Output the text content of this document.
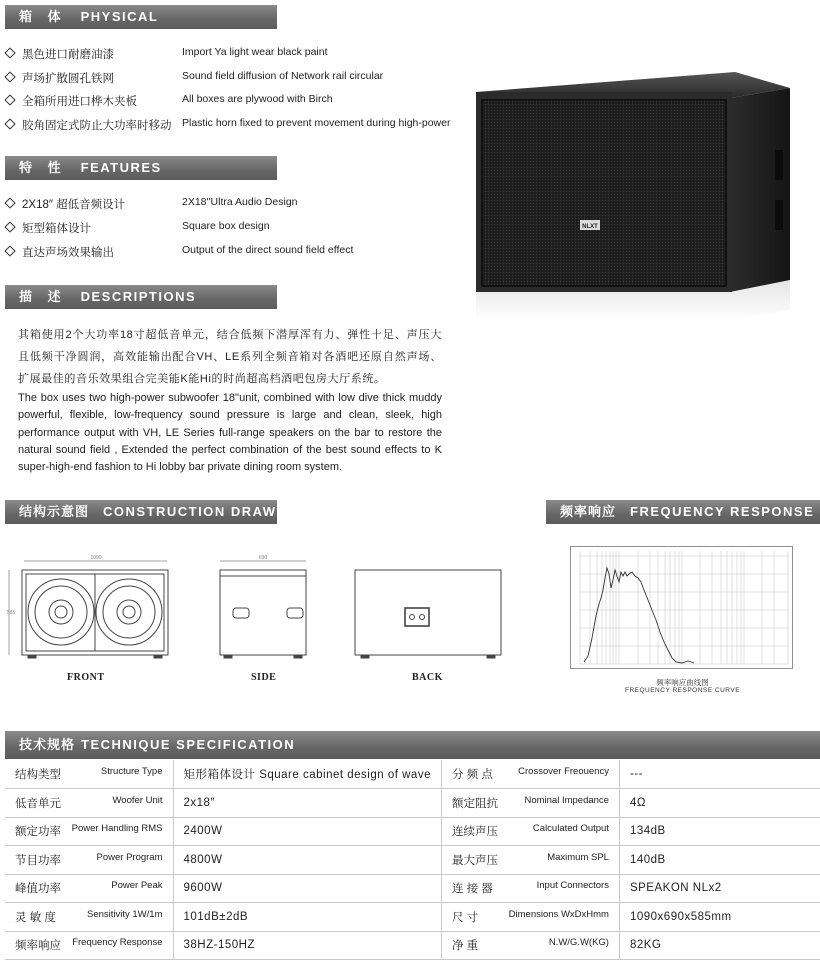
箱 体 PHYSICAL
黑色进口耐磨油漆	Import Ya light wear black paint
声场扩散圆孔铁网	Sound field diffusion of Network rail circular
全箱所用进口桦木夹板	All boxes are plywood with Birch
胶角固定式防止大功率时移动 Plastic horn fixed to prevent movement during high-power
特 性 FEATURES
2X18″ 超低音频设计	2X18''Ultra Audio Design
矩型箱体设计	Square box design
直达声场效果输出	Output of the direct sound field effect
NLXT
描 述 DESCRIPTIONS
其箱使用2个大功率18寸超低音单元，结合低频下潜厚浑有力、弹性十足、声压大且低频干净圆润，高效能输出配合VH、LE系列全频音箱对各酒吧还原自然声场、扩展最佳的音乐效果组合完美能K能Hi的时尚超高档酒吧包房大厅系统。
The box uses two high-power subwoofer 18''unit, combined with low dive thick muddy powerful, flexible, low-frequency sound pressure is large and clean, sleek, high performance output with VH, LE Series full-range speakers on the bar to restore the natural sound field , Extended the perfect combination of the best sound effects to K super-high-end fashion to Hi lobby bar private dining room system.
结构示意图 CONSTRUCTION DRAWING
1090
585
690
FRONT	SIDE	BACK
频率响应 FREQUENCY RESPONSE
频率响应曲线图
FREQUENCY RESPONSE CURVE
技术规格 TECHNIQUE SPECIFICATION
结构类型 Structure Type	矩形箱体设计 Square cabinet design of wave	分 频 点 Crossover Freouency	---

低音单元 Woofer Unit	2x18″	额定阻抗 Nominal Impedance	4Ω

额定功率 Power Handling RMS	2400W	连续声压 Calculated Output	134dB

节目功率 Power Program	4800W	最大声压 Maximum SPL	140dB

峰值功率 Power Peak	9600W	连 接 器 Input Connectors	SPEAKON NLx2

灵 敏 度 Sensitivity 1W/1m	101dB±2dB	尺 寸 Dimensions WxDxHmm	1090x690x585mm

频率响应 Frequency Response	38HZ-150HZ	净 重 N.W/G.W(KG)	82KG
